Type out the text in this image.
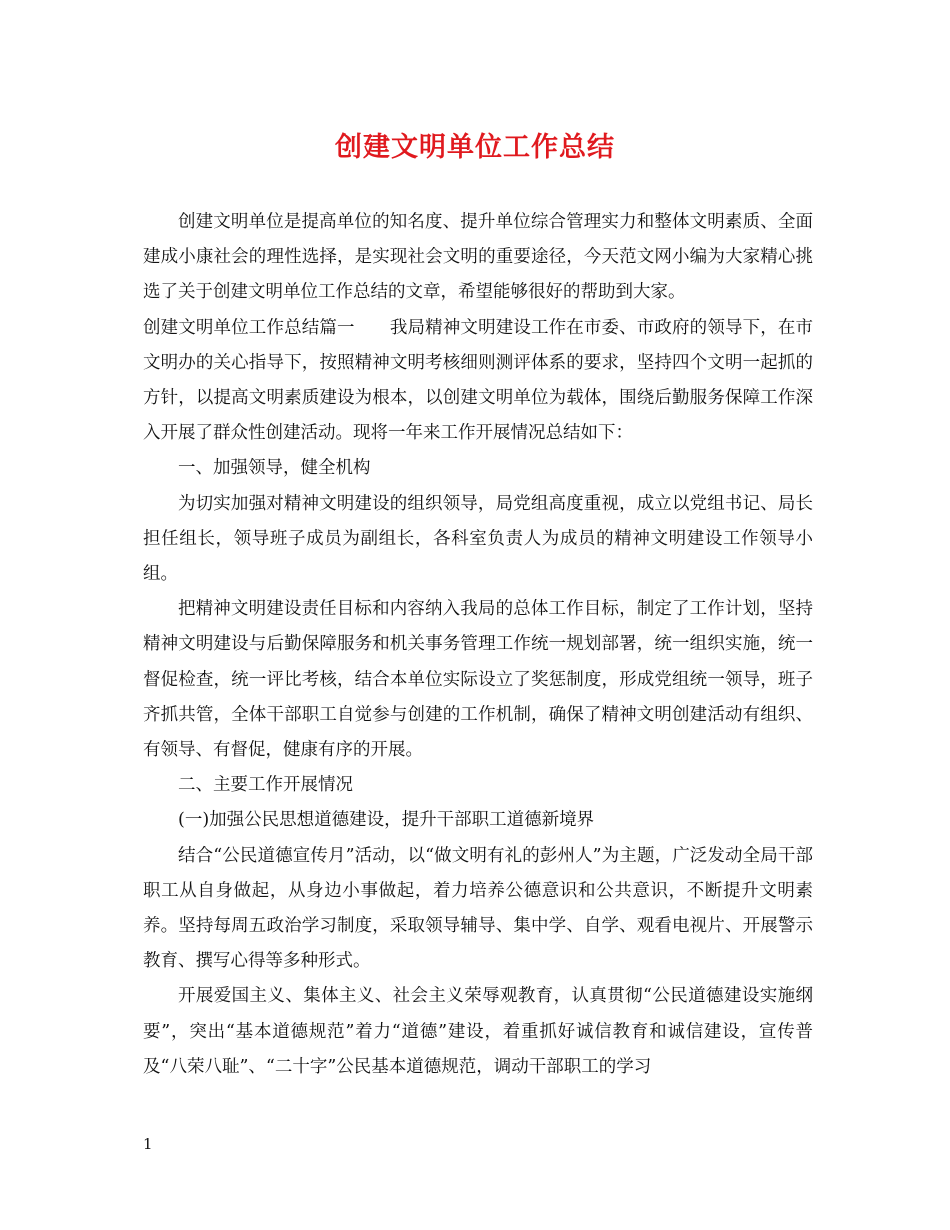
创建文明单位工作总结

创建文明单位是提高单位的知名度、提升单位综合管理实力和整体文明素质、全面建成小康社会的理性选择，是实现社会文明的重要途径，今天范文网小编为大家精心挑选了关于创建文明单位工作总结的文章，希望能够很好的帮助到大家。

创建文明单位工作总结篇一　　我局精神文明建设工作在市委、市政府的领导下，在市文明办的关心指导下，按照精神文明考核细则测评体系的要求，坚持四个文明一起抓的方针，以提高文明素质建设为根本，以创建文明单位为载体，围绕后勤服务保障工作深入开展了群众性创建活动。现将一年来工作开展情况总结如下：

一、加强领导，健全机构

为切实加强对精神文明建设的组织领导，局党组高度重视，成立以党组书记、局长担任组长，领导班子成员为副组长，各科室负责人为成员的精神文明建设工作领导小组。

把精神文明建设责任目标和内容纳入我局的总体工作目标，制定了工作计划，坚持精神文明建设与后勤保障服务和机关事务管理工作统一规划部署，统一组织实施，统一督促检查，统一评比考核，结合本单位实际设立了奖惩制度，形成党组统一领导，班子齐抓共管，全体干部职工自觉参与创建的工作机制，确保了精神文明创建活动有组织、有领导、有督促，健康有序的开展。

二、主要工作开展情况

(一)加强公民思想道德建设，提升干部职工道德新境界

结合“公民道德宣传月”活动，以“做文明有礼的彭州人”为主题，广泛发动全局干部职工从自身做起，从身边小事做起，着力培养公德意识和公共意识，不断提升文明素养。坚持每周五政治学习制度，采取领导辅导、集中学、自学、观看电视片、开展警示教育、撰写心得等多种形式。

开展爱国主义、集体主义、社会主义荣辱观教育，认真贯彻“公民道德建设实施纲要”，突出“基本道德规范”着力“道德”建设，着重抓好诚信教育和诚信建设，宣传普及“八荣八耻”、“二十字”公民基本道德规范，调动干部职工的学习

1
